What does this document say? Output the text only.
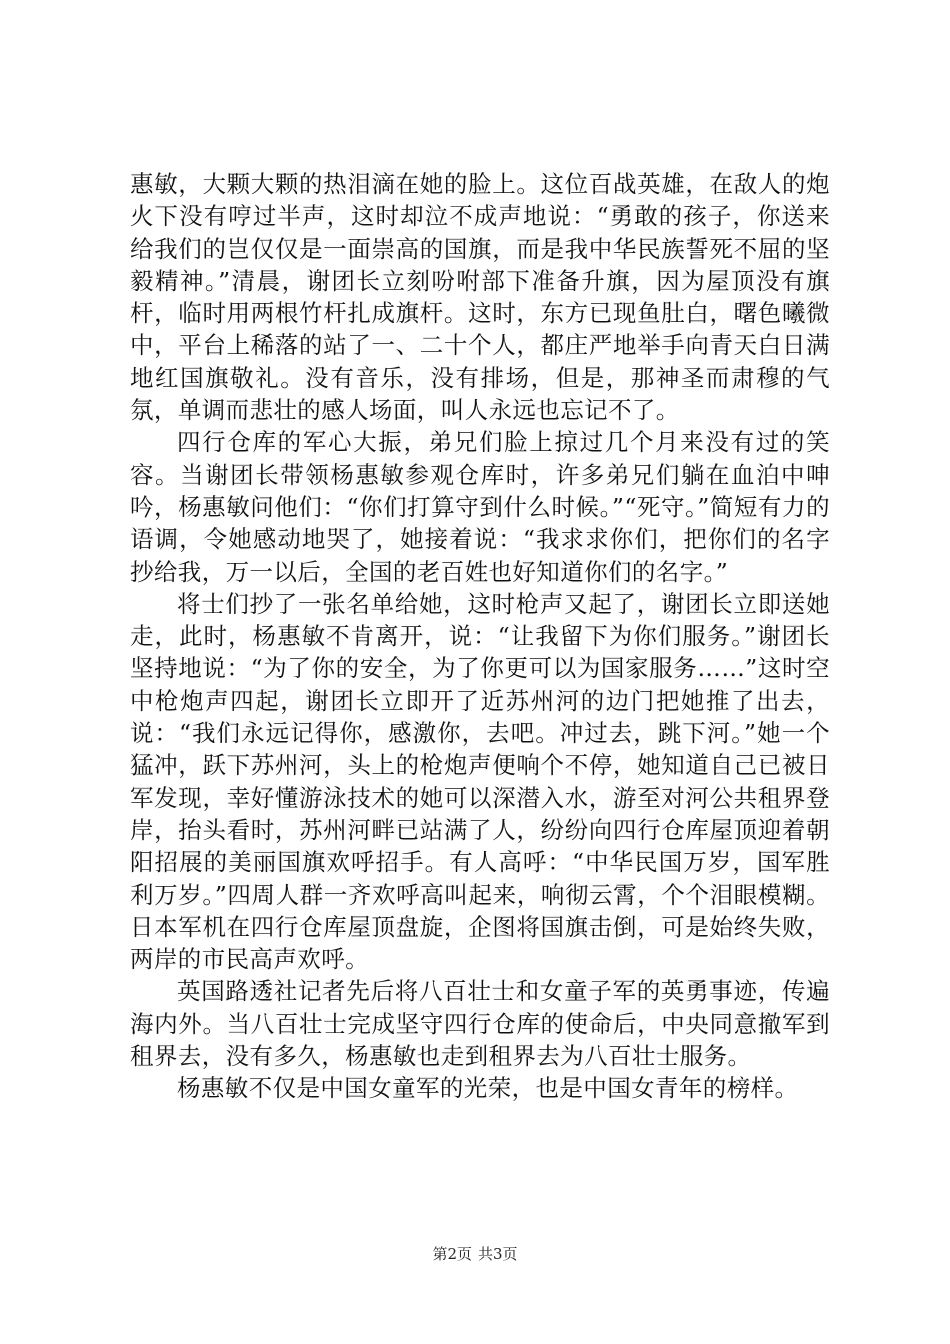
惠敏，大颗大颗的热泪滴在她的脸上。这位百战英雄，在敌人的炮火下没有哼过半声，这时却泣不成声地说：“勇敢的孩子，你送来给我们的岂仅仅是一面崇高的国旗，而是我中华民族誓死不屈的坚毅精神。”清晨，谢团长立刻吩咐部下准备升旗，因为屋顶没有旗杆，临时用两根竹杆扎成旗杆。这时，东方已现鱼肚白，曙色曦微中，平台上稀落的站了一、二十个人，都庄严地举手向青天白日满地红国旗敬礼。没有音乐，没有排场，但是，那神圣而肃穆的气氛，单调而悲壮的感人场面，叫人永远也忘记不了。

四行仓库的军心大振，弟兄们脸上掠过几个月来没有过的笑容。当谢团长带领杨惠敏参观仓库时，许多弟兄们躺在血泊中呻吟，杨惠敏问他们：“你们打算守到什么时候。”“死守。”简短有力的语调，令她感动地哭了，她接着说：“我求求你们，把你们的名字抄给我，万一以后，全国的老百姓也好知道你们的名字。”

将士们抄了一张名单给她，这时枪声又起了，谢团长立即送她走，此时，杨惠敏不肯离开，说：“让我留下为你们服务。”谢团长坚持地说：“为了你的安全，为了你更可以为国家服务……”这时空中枪炮声四起，谢团长立即开了近苏州河的边门把她推了出去，说：“我们永远记得你，感激你，去吧。冲过去，跳下河。”她一个猛冲，跃下苏州河，头上的枪炮声便响个不停，她知道自己已被日军发现，幸好懂游泳技术的她可以深潜入水，游至对河公共租界登岸，抬头看时，苏州河畔已站满了人，纷纷向四行仓库屋顶迎着朝阳招展的美丽国旗欢呼招手。有人高呼：“中华民国万岁，国军胜利万岁。”四周人群一齐欢呼高叫起来，响彻云霄，个个泪眼模糊。日本军机在四行仓库屋顶盘旋，企图将国旗击倒，可是始终失败，两岸的市民高声欢呼。

英国路透社记者先后将八百壮士和女童子军的英勇事迹，传遍海内外。当八百壮士完成坚守四行仓库的使命后，中央同意撤军到租界去，没有多久，杨惠敏也走到租界去为八百壮士服务。

杨惠敏不仅是中国女童军的光荣，也是中国女青年的榜样。

第2页 共3页
